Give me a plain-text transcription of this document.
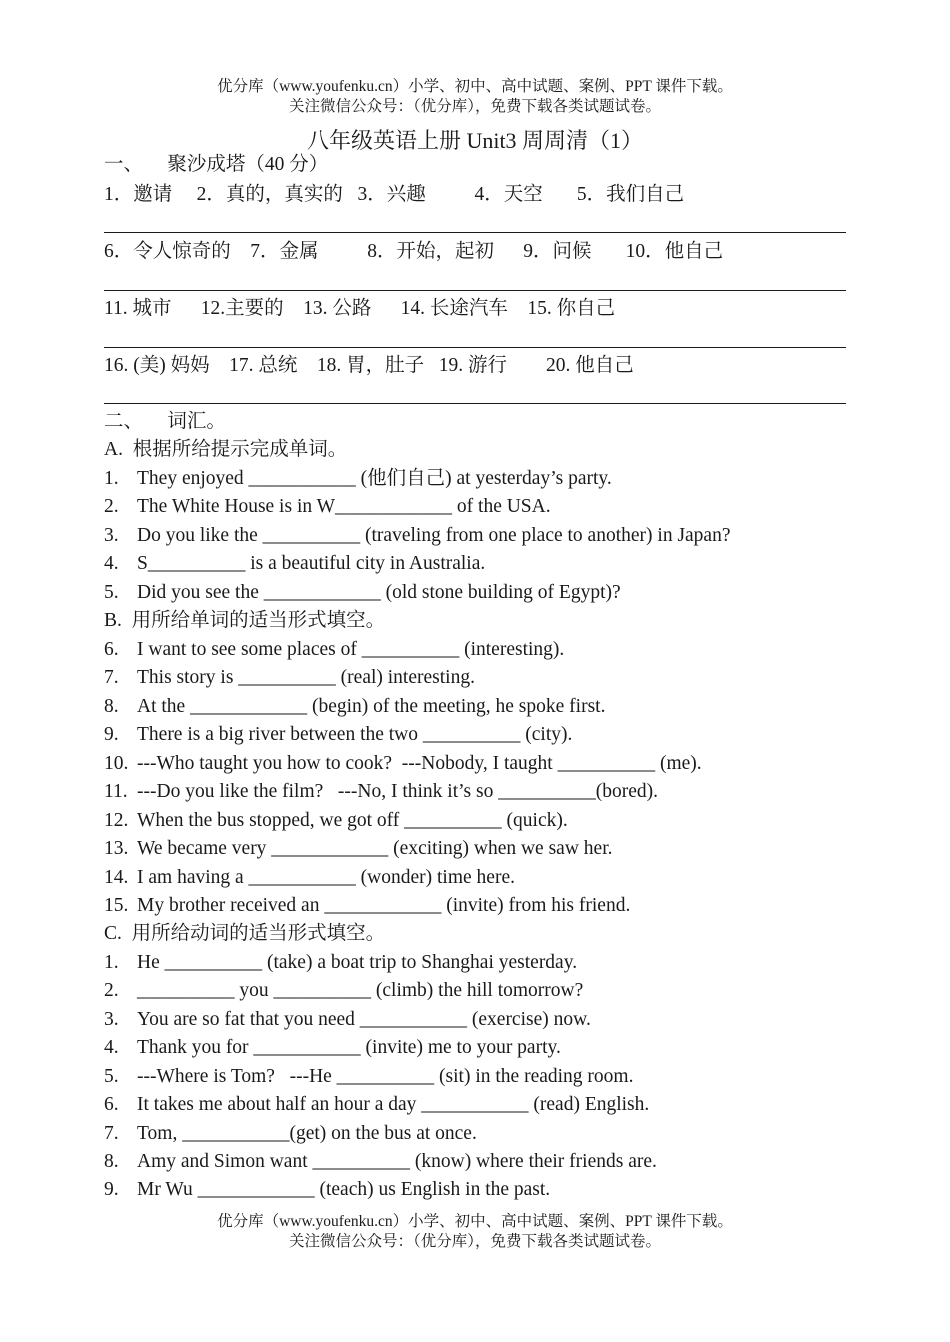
优分库（www.youfenku.cn）小学、初中、高中试题、案例、PPT 课件下载。
关注微信公众号：（优分库），免费下载各类试题试卷。
八年级英语上册 Unit3 周周清（1）
一、     聚沙成塔（40 分）
1．邀请     2．真的，真实的   3．兴趣          4．天空       5．我们自己
6．令人惊奇的    7．金属          8．开始，起初      9．问候       10．他自己
11. 城市      12.主要的    13. 公路      14. 长途汽车    15. 你自己
16. (美) 妈妈    17. 总统    18. 胃，肚子   19. 游行        20. 他自己
二、     词汇。
A.  根据所给提示完成单词。
1. They enjoyed ___________ (他们自己) at yesterday’s party.
2. The White House is in W____________ of the USA.
3. Do you like the __________ (traveling from one place to another) in Japan?
4. S__________ is a beautiful city in Australia.
5. Did you see the ____________ (old stone building of Egypt)?
B.  用所给单词的适当形式填空。
6. I want to see some places of __________ (interesting).
7. This story is __________ (real) interesting.
8. At the ____________ (begin) of the meeting, he spoke first.
9. There is a big river between the two __________ (city).
10. ---Who taught you how to cook?  ---Nobody, I taught __________ (me).
11. ---Do you like the film?   ---No, I think it’s so __________(bored).
12. When the bus stopped, we got off __________ (quick).
13. We became very ____________ (exciting) when we saw her.
14. I am having a ___________ (wonder) time here.
15. My brother received an ____________ (invite) from his friend.
C.  用所给动词的适当形式填空。
1. He __________ (take) a boat trip to Shanghai yesterday.
2. __________ you __________ (climb) the hill tomorrow?
3. You are so fat that you need ___________ (exercise) now.
4. Thank you for ___________ (invite) me to your party.
5. ---Where is Tom?   ---He __________ (sit) in the reading room.
6. It takes me about half an hour a day ___________ (read) English.
7. Tom, ___________(get) on the bus at once.
8. Amy and Simon want __________ (know) where their friends are.
9. Mr Wu ____________ (teach) us English in the past.
优分库（www.youfenku.cn）小学、初中、高中试题、案例、PPT 课件下载。
关注微信公众号：（优分库），免费下载各类试题试卷。
